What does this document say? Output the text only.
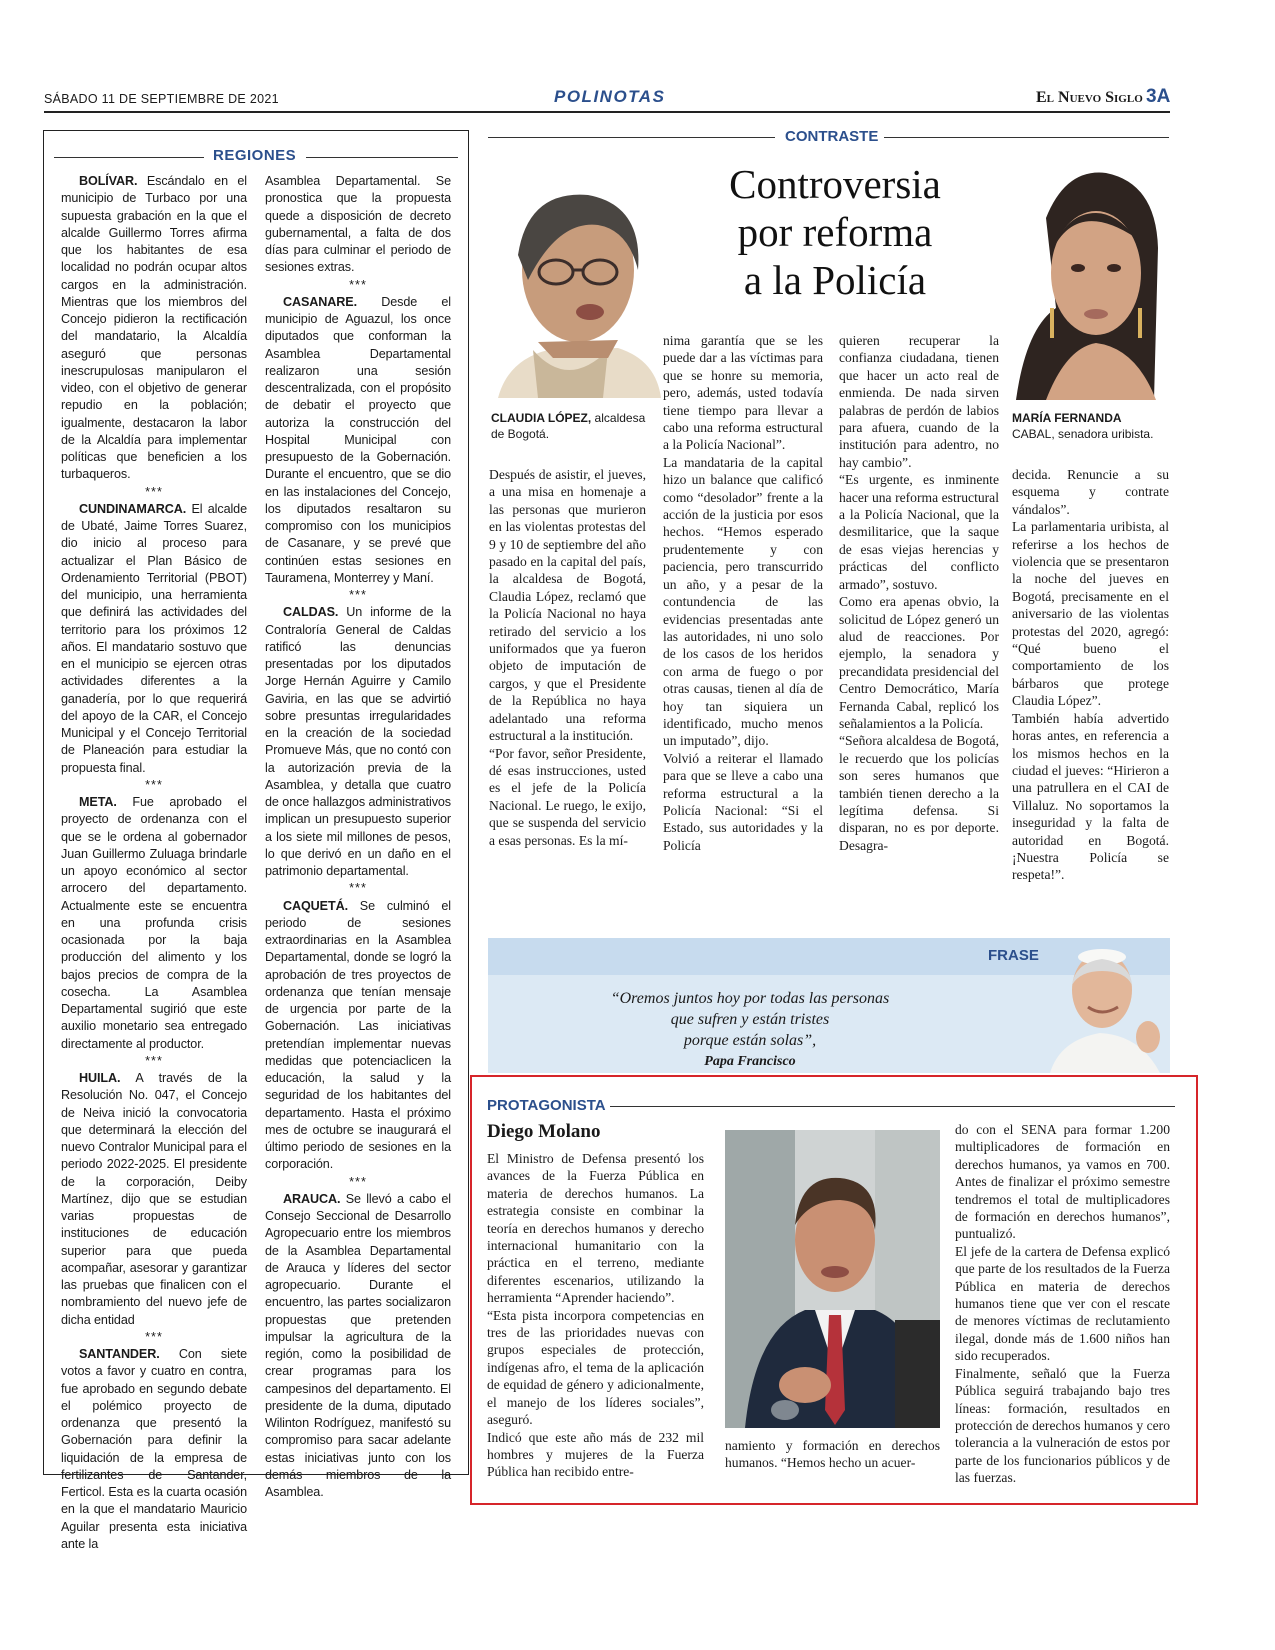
SÁBADO 11 DE SEPTIEMBRE DE 2021	POLINOTAS	El Nuevo Siglo 3A
REGIONES

BOLÍVAR. Escándalo en el municipio de Turbaco por una supuesta grabación en la que el alcalde Guillermo Torres afirma que los habitantes de esa localidad no podrán ocupar altos cargos en la administración. Mientras que los miembros del Concejo pidieron la rectificación del mandatario, la Alcaldía aseguró que personas inescrupulosas manipularon el video, con el objetivo de generar repudio en la población; igualmente, destacaron la labor de la Alcaldía para implementar políticas que beneficien a los turbaqueros.

***

CUNDINAMARCA. El alcalde de Ubaté, Jaime Torres Suarez, dio inicio al proceso para actualizar el Plan Básico de Ordenamiento Territorial (PBOT) del municipio, una herramienta que definirá las actividades del territorio para los próximos 12 años. El mandatario sostuvo que en el municipio se ejercen otras actividades diferentes a la ganadería, por lo que requerirá del apoyo de la CAR, el Concejo Municipal y el Concejo Territorial de Planeación para estudiar la propuesta final.

***

META. Fue aprobado el proyecto de ordenanza con el que se le ordena al gobernador Juan Guillermo Zuluaga brindarle un apoyo económico al sector arrocero del departamento. Actualmente este se encuentra en una profunda crisis ocasionada por la baja producción del alimento y los bajos precios de compra de la cosecha. La Asamblea Departamental sugirió que este auxilio monetario sea entregado directamente al productor.

***

HUILA. A través de la Resolución No. 047, el Concejo de Neiva inició la convocatoria que determinará la elección del nuevo Contralor Municipal para el periodo 2022-2025. El presidente de la corporación, Deiby Martínez, dijo que se estudian varias propuestas de instituciones de educación superior para que pueda acompañar, asesorar y garantizar las pruebas que finalicen con el nombramiento del nuevo jefe de dicha entidad

***

SANTANDER. Con siete votos a favor y cuatro en contra, fue aprobado en segundo debate el polémico proyecto de ordenanza que presentó la Gobernación para definir la liquidación de la empresa de fertilizantes de Santander, Ferticol. Esta es la cuarta ocasión en la que el mandatario Mauricio Aguilar presenta esta iniciativa ante la

Asamblea Departamental. Se pronostica que la propuesta quede a disposición de decreto gubernamental, a falta de dos días para culminar el periodo de sesiones extras.

***

CASANARE. Desde el municipio de Aguazul, los once diputados que conforman la Asamblea Departamental realizaron una sesión descentralizada, con el propósito de debatir el proyecto que autoriza la construcción del Hospital Municipal con presupuesto de la Gobernación. Durante el encuentro, que se dio en las instalaciones del Concejo, los diputados resaltaron su compromiso con los municipios de Casanare, y se prevé que continúen estas sesiones en Tauramena, Monterrey y Maní.

***

CALDAS. Un informe de la Contraloría General de Caldas ratificó las denuncias presentadas por los diputados Jorge Hernán Aguirre y Camilo Gaviria, en las que se advirtió sobre presuntas irregularidades en la creación de la sociedad Promueve Más, que no contó con la autorización previa de la Asamblea, y detalla que cuatro de once hallazgos administrativos implican un presupuesto superior a los siete mil millones de pesos, lo que derivó en un daño en el patrimonio departamental.

***

CAQUETÁ. Se culminó el periodo de sesiones extraordinarias en la Asamblea Departamental, donde se logró la aprobación de tres proyectos de ordenanza que tenían mensaje de urgencia por parte de la Gobernación. Las iniciativas pretendían implementar nuevas medidas que potenciaclicen la educación, la salud y la seguridad de los habitantes del departamento. Hasta el próximo mes de octubre se inaugurará el último periodo de sesiones en la corporación.

***

ARAUCA. Se llevó a cabo el Consejo Seccional de Desarrollo Agropecuario entre los miembros de la Asamblea Departamental de Arauca y líderes del sector agropecuario. Durante el encuentro, las partes socializaron propuestas que pretenden impulsar la agricultura de la región, como la posibilidad de crear programas para los campesinos del departamento. El presidente de la duma, diputado Wilinton Rodríguez, manifestó su compromiso para sacar adelante estas iniciativas junto con los demás miembros de la Asamblea.

CONTRASTE
Controversia
por reforma
a la Policía
CLAUDIA LÓPEZ, alcaldesa de Bogotá.
MARÍA FERNANDA
CABAL, senadora uribista.

Después de asistir, el jueves, a una misa en homenaje a las personas que murieron en las violentas protestas del 9 y 10 de septiembre del año pasado en la capital del país, la alcaldesa de Bogotá, Claudia López, reclamó que la Policía Nacional no haya retirado del servicio a los uniformados que ya fueron objeto de imputación de cargos, y que el Presidente de la República no haya adelantado una reforma estructural a la institución.

“Por favor, señor Presidente, dé esas instrucciones, usted es el jefe de la Policía Nacional. Le ruego, le exijo, que se suspenda del servicio a esas personas. Es la mí-

nima garantía que se les puede dar a las víctimas para que se honre su memoria, pero, además, usted todavía tiene tiempo para llevar a cabo una reforma estructural a la Policía Nacional”.

La mandataria de la capital hizo un balance que calificó como “desolador” frente a la acción de la justicia por esos hechos. “Hemos esperado prudentemente y con paciencia, pero transcurrido un año, y a pesar de la contundencia de las evidencias presentadas ante las autoridades, ni uno solo de los casos de los heridos con arma de fuego o por otras causas, tienen al día de hoy tan siquiera un identificado, mucho menos un imputado”, dijo.

Volvió a reiterar el llamado para que se lleve a cabo una reforma estructural a la Policía Nacional: “Si el Estado, sus autoridades y la Policía

quieren recuperar la confianza ciudadana, tienen que hacer un acto real de enmienda. De nada sirven palabras de perdón de labios para afuera, cuando de la institución para adentro, no hay cambio”.

“Es urgente, es inminente hacer una reforma estructural a la Policía Nacional, que la desmilitarice, que la saque de esas viejas herencias y prácticas del conflicto armado”, sostuvo.

Como era apenas obvio, la solicitud de López generó un alud de reacciones. Por ejemplo, la senadora y precandidata presidencial del Centro Democrático, María Fernanda Cabal, replicó los señalamientos a la Policía.

“Señora alcaldesa de Bogotá, le recuerdo que los policías son seres humanos que también tienen derecho a la legítima defensa. Si disparan, no es por deporte. Desagra-

decida. Renuncie a su esquema y contrate vándalos”.

La parlamentaria uribista, al referirse a los hechos de violencia que se presentaron la noche del jueves en Bogotá, precisamente en el aniversario de las violentas protestas del 2020, agregó: “Qué bueno el comportamiento de los bárbaros que protege Claudia López”.

También había advertido horas antes, en referencia a los mismos hechos en la ciudad el jueves: “Hirieron a una patrullera en el CAI de Villaluz. No soportamos la inseguridad y la falta de autoridad en Bogotá. ¡Nuestra Policía se respeta!”.

FRASE
“Oremos juntos hoy por todas las personas
que sufren y están tristes
porque están solas”,
Papa Francisco
PROTAGONISTA
Diego Molano

El Ministro de Defensa presentó los avances de la Fuerza Pública en materia de derechos humanos. La estrategia consiste en combinar la teoría en derechos humanos y derecho internacional humanitario con la práctica en el terreno, mediante diferentes escenarios, utilizando la herramienta “Aprender haciendo”.

“Esta pista incorpora competencias en tres de las prioridades nuevas con grupos especiales de protección, indígenas afro, el tema de la aplicación de equidad de género y adicionalmente, el manejo de los líderes sociales”, aseguró.

Indicó que este año más de 232 mil hombres y mujeres de la Fuerza Pública han recibido entre-

namiento y formación en derechos humanos. “Hemos hecho un acuer-

do con el SENA para formar 1.200 multiplicadores de formación en derechos humanos, ya vamos en 700. Antes de finalizar el próximo semestre tendremos el total de multiplicadores de formación en derechos humanos”, puntualizó.

El jefe de la cartera de Defensa explicó que parte de los resultados de la Fuerza Pública en materia de derechos humanos tiene que ver con el rescate de menores víctimas de reclutamiento ilegal, donde más de 1.600 niños han sido recuperados.

Finalmente, señaló que la Fuerza Pública seguirá trabajando bajo tres líneas: formación, resultados en protección de derechos humanos y cero tolerancia a la vulneración de estos por parte de los funcionarios públicos y de las fuerzas.
